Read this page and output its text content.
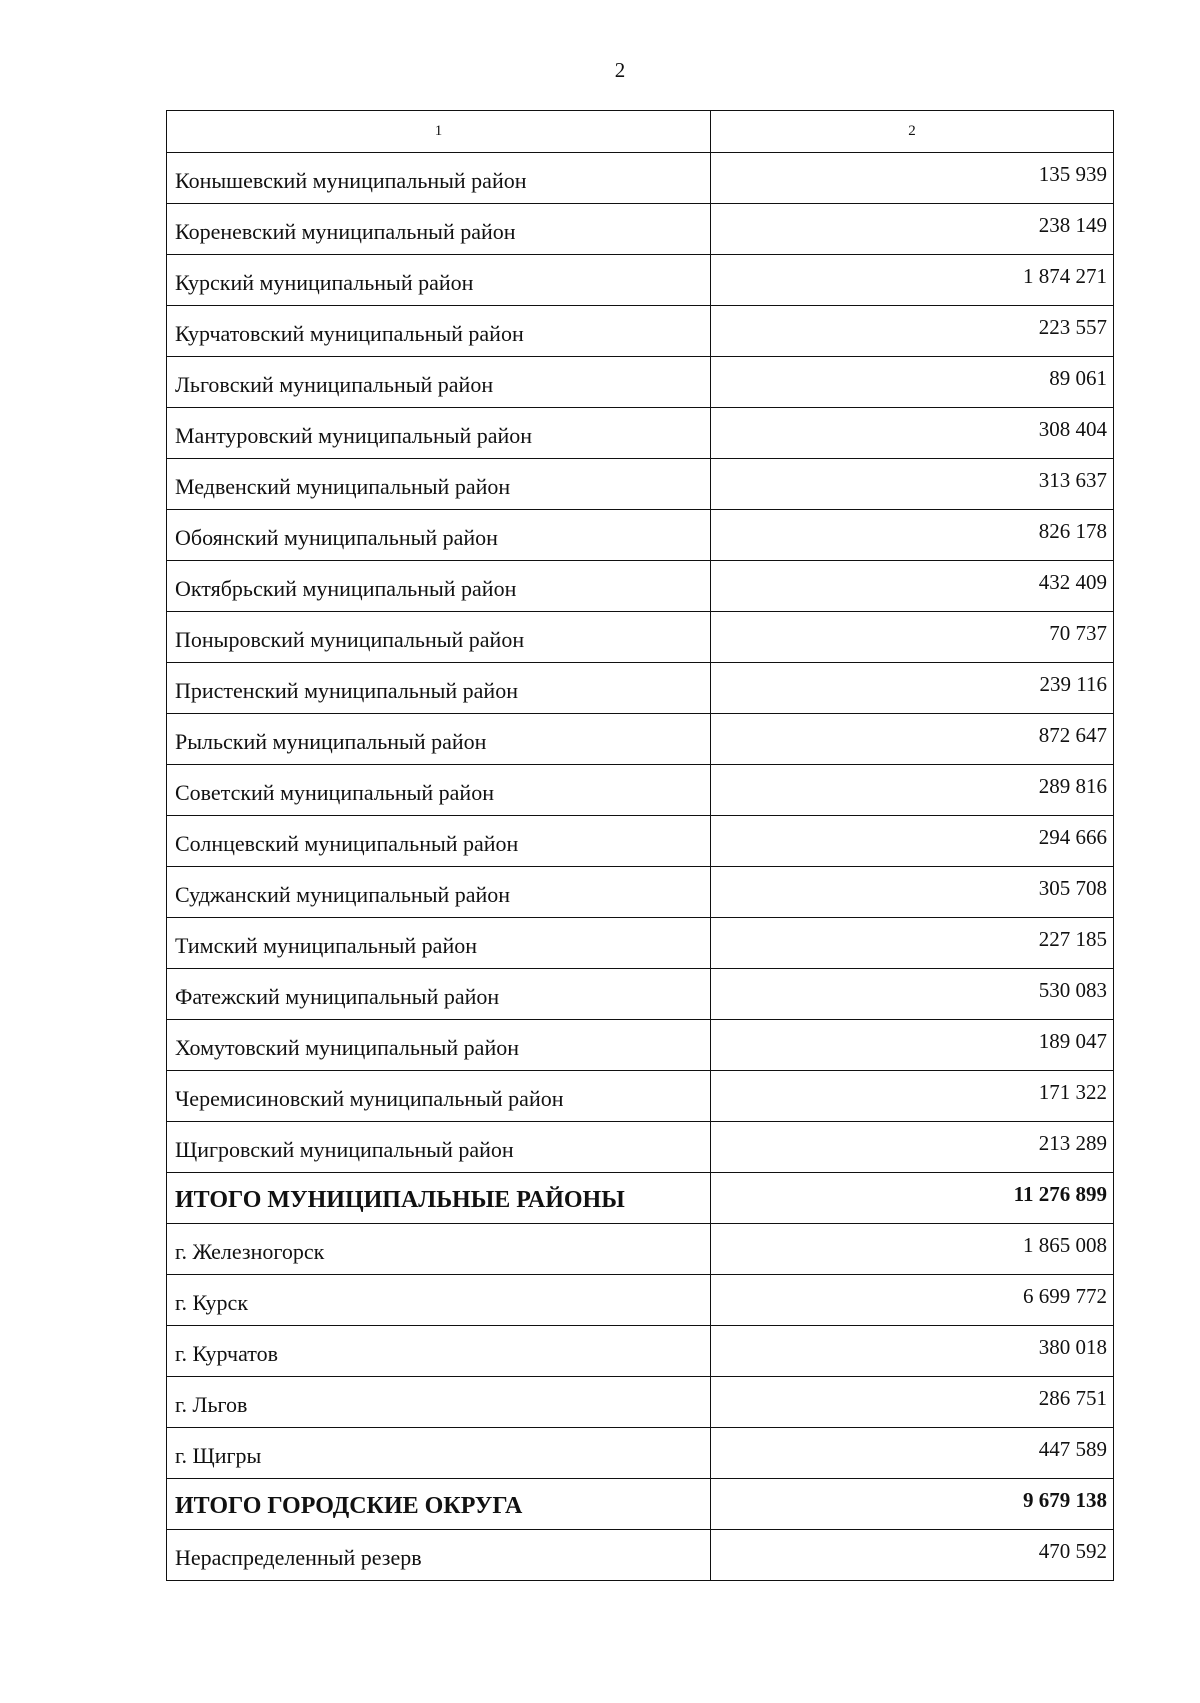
2
1	2
Конышевский муниципальный район	135 939
Кореневский муниципальный район	238 149
Курский муниципальный район	1 874 271
Курчатовский муниципальный район	223 557
Льговский муниципальный район	89 061
Мантуровский муниципальный район	308 404
Медвенский муниципальный район	313 637
Обоянский муниципальный район	826 178
Октябрьский муниципальный район	432 409
Поныровский муниципальный район	70 737
Пристенский муниципальный район	239 116
Рыльский муниципальный район	872 647
Советский муниципальный район	289 816
Солнцевский муниципальный район	294 666
Суджанский муниципальный район	305 708
Тимский муниципальный район	227 185
Фатежский муниципальный район	530 083
Хомутовский муниципальный район	189 047
Черемисиновский муниципальный район	171 322
Щигровский муниципальный район	213 289
ИТОГО МУНИЦИПАЛЬНЫЕ РАЙОНЫ	11 276 899
г. Железногорск	1 865 008
г. Курск	6 699 772
г. Курчатов	380 018
г. Льгов	286 751
г. Щигры	447 589
ИТОГО ГОРОДСКИЕ ОКРУГА	9 679 138
Нераспределенный резерв	470 592
